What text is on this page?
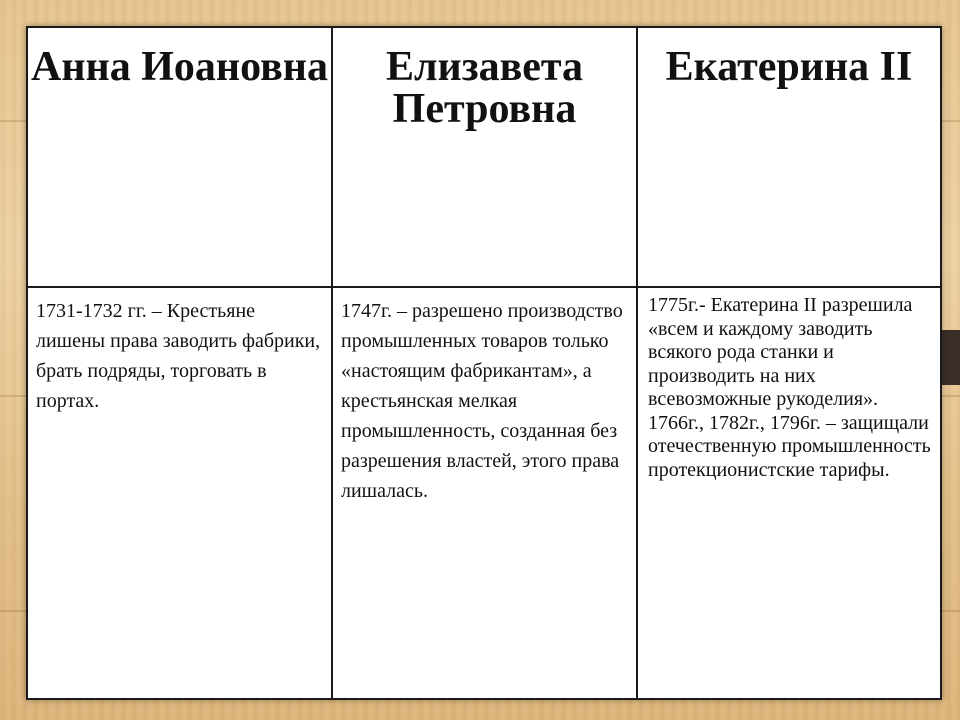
Анна Иоановна	Елизавета Петровна	Екатерина II

1731-1732 гг. – Крестьяне лишены права заводить фабрики, брать подряды, торговать в портах.	1747г. – разрешено производство промышленных товаров только «настоящим фабрикантам», а крестьянская мелкая промышленность, созданная без разрешения властей, этого права лишалась.	1775г.- Екатерина II разрешила «всем и каждому заводить всякого рода станки и производить на них всевозможные рукоделия». 1766г., 1782г., 1796г. – защищали отечественную промышленность протекционистские тарифы.
